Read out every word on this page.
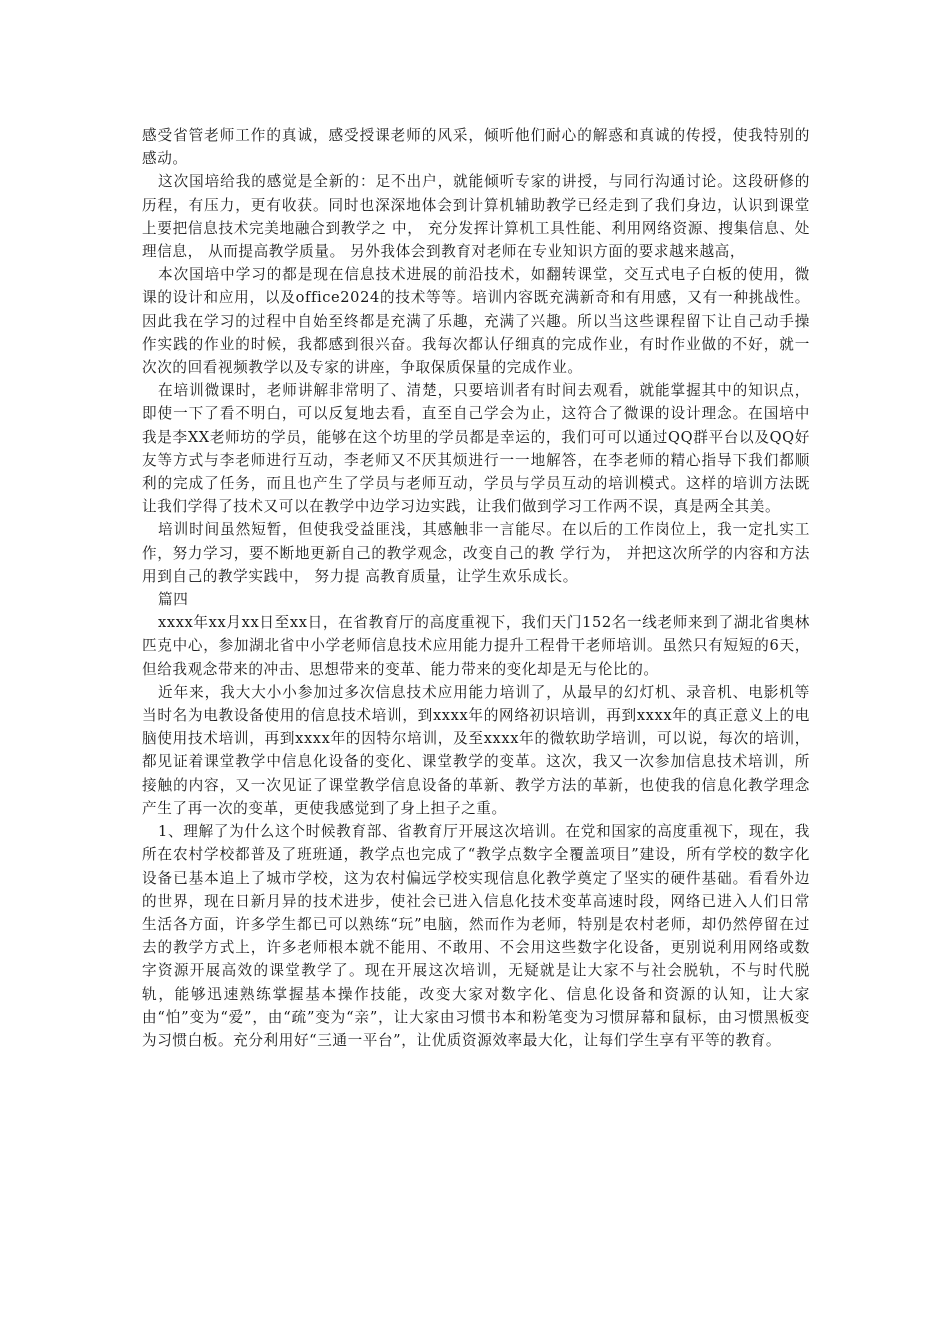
感受省管老师工作的真诚，感受授课老师的风采，倾听他们耐心的解惑和真诚的传授，使我特别的感动。

这次国培给我的感觉是全新的：足不出户，就能倾听专家的讲授，与同行沟通讨论。这段研修的历程，有压力，更有收获。同时也深深地体会到计算机辅助教学已经走到了我们身边，认识到课堂上要把信息技术完美地融合到教学之 中， 充分发挥计算机工具性能、利用网络资源、搜集信息、处理信息， 从而提高教学质量。 另外我体会到教育对老师在专业知识方面的要求越来越高，

本次国培中学习的都是现在信息技术进展的前沿技术，如翻转课堂，交互式电子白板的使用，微课的设计和应用，以及office2024的技术等等。培训内容既充满新奇和有用感，又有一种挑战性。因此我在学习的过程中自始至终都是充满了乐趣，充满了兴趣。所以当这些课程留下让自己动手操作实践的作业的时候，我都感到很兴奋。我每次都认仔细真的完成作业，有时作业做的不好，就一次次的回看视频教学以及专家的讲座，争取保质保量的完成作业。

在培训微课时，老师讲解非常明了、清楚，只要培训者有时间去观看，就能掌握其中的知识点，即使一下了看不明白，可以反复地去看，直至自己学会为止，这符合了微课的设计理念。在国培中我是李XX老师坊的学员，能够在这个坊里的学员都是幸运的，我们可可以通过QQ群平台以及QQ好友等方式与李老师进行互动，李老师又不厌其烦进行一一地解答，在李老师的精心指导下我们都顺利的完成了任务，而且也产生了学员与老师互动，学员与学员互动的培训模式。这样的培训方法既让我们学得了技术又可以在教学中边学习边实践，让我们做到学习工作两不误，真是两全其美。

培训时间虽然短暂，但使我受益匪浅，其感触非一言能尽。在以后的工作岗位上，我一定扎实工作，努力学习，要不断地更新自己的教学观念，改变自己的教 学行为， 并把这次所学的内容和方法用到自己的教学实践中， 努力提 高教育质量，让学生欢乐成长。

篇四

xxxx年xx月xx日至xx日，在省教育厅的高度重视下，我们天门152名一线老师来到了湖北省奥林匹克中心，参加湖北省中小学老师信息技术应用能力提升工程骨干老师培训。虽然只有短短的6天，但给我观念带来的冲击、思想带来的变革、能力带来的变化却是无与伦比的。

近年来，我大大小小参加过多次信息技术应用能力培训了，从最早的幻灯机、录音机、电影机等当时名为电教设备使用的信息技术培训，到xxxx年的网络初识培训，再到xxxx年的真正意义上的电脑使用技术培训，再到xxxx年的因特尔培训，及至xxxx年的微软助学培训，可以说，每次的培训，都见证着课堂教学中信息化设备的变化、课堂教学的变革。这次，我又一次参加信息技术培训，所接触的内容，又一次见证了课堂教学信息设备的革新、教学方法的革新，也使我的信息化教学理念产生了再一次的变革，更使我感觉到了身上担子之重。

1、理解了为什么这个时候教育部、省教育厅开展这次培训。在党和国家的高度重视下，现在，我所在农村学校都普及了班班通，教学点也完成了“教学点数字全覆盖项目”建设，所有学校的数字化设备已基本追上了城市学校，这为农村偏远学校实现信息化教学奠定了坚实的硬件基础。看看外边的世界，现在日新月异的技术进步，使社会已进入信息化技术变革高速时段，网络已进入人们日常生活各方面，许多学生都已可以熟练“玩”电脑，然而作为老师，特别是农村老师，却仍然停留在过去的教学方式上，许多老师根本就不能用、不敢用、不会用这些数字化设备，更别说利用网络或数字资源开展高效的课堂教学了。现在开展这次培训，无疑就是让大家不与社会脱轨，不与时代脱轨，能够迅速熟练掌握基本操作技能，改变大家对数字化、信息化设备和资源的认知，让大家由“怕”变为“爱”，由“疏”变为“亲”，让大家由习惯书本和粉笔变为习惯屏幕和鼠标，由习惯黑板变为习惯白板。充分利用好“三通一平台”，让优质资源效率最大化，让每们学生享有平等的教育。
